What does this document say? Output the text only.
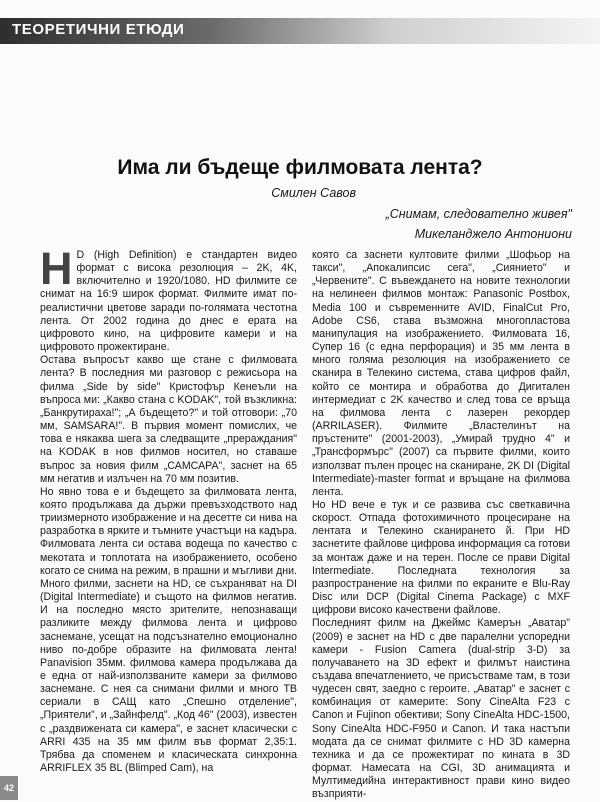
ТЕОРЕТИЧНИ ЕТЮДИ
Има ли бъдеще филмовата лента?
Смилен Савов
„Снимам, следователно живея"
Микеланджело Антониони
H D (High Definition) е стандартен видео формат с висока резолюция – 2K, 4K, включително и 1920/1080. HD филмите се снимат на 16:9 широк формат. Филмите имат по-реалистични цветове заради по-голямата честотна лента. От 2002 година до днес е ерата на цифровото кино, на цифровите камери и на цифровото прожектиране.

Остава въпросът какво ще стане с филмовата лента? В последния ми разговор с режисьора на филма „Side by side" Кристофър Кенеъли на въпроса ми: „Какво стана с KODAK", той възкликна: „Банкрутираха!"; „А бъдещето?" и той отговори: „70 мм, SAMSARA!". В първия момент помислих, че това е някаква шега за следващите „прераждания" на KODAK в нов филмов носител, но ставаше въпрос за новия филм „САМСАРА", заснет на 65 мм негатив и излъчен на 70 мм позитив.

Но явно това е и бъдещето за филмовата лента, която продължава да държи превъзходството над триизмерното изображение и на десетте си нива на разработка в ярките и тъмните участъци на кадъра. Филмовата лента си остава водеща по качество с мекотата и топлотата на изображението, особено когато се снима на режим, в прашни и мъгливи дни. Много филми, заснети на HD, се съхраняват на DI (Digital Intermediate) и същото на филмов негатив. И на последно място зрителите, непознаващи разликите между филмова лента и цифрово заснемане, усещат на подсъзнателно емоционално ниво по-добре образите на филмовата лента! Panavision 35мм. филмова камера продължава да е една от най-използваните камери за филмово заснемане. С нея са снимани филми и много ТВ сериали в САЩ като „Спешно отделение", „Приятели", и „Зайнфелд". „Код 46" (2003), известен с „раздвижената си камера", е заснет класически с ARRI 435 на 35 мм филм във формат 2,35:1. Трябва да споменем и класическата синхронна ARRIFLEX 35 BL (Blimped Cam), на

която са заснети култовите филми „Шофьор на такси", „Апокалипсис сега", „Сиянието" и „Червените". С въвеждането на новите технологии на нелинеен филмов монтаж: Panasonic Postbox, Media 100 и съвременните AVID, FinalCut Pro, Adobe CS6, става възможна многопластова манипулация на изображението. Филмовата 16, Супер 16 (с една перфорация) и 35 мм лента в много голяма резолюция на изображението се сканира в Телекино система, става цифров файл, който се монтира и обработва до Дигитален интермедиат с 2K качество и след това се връща на филмова лента с лазерен рекордер (ARRILASER). Филмите „Властелинът на пръстените" (2001-2003), „Умирай трудно 4" и „Трансформърс" (2007) са първите филми, които използват пълен процес на сканиране, 2K DI (Digital Intermediate)-master format и връщане на филмова лента.

Но HD вече е тук и се развива със светкавична скорост. Отпада фотохимичното процесиране на лентата и Телекино сканирането й. При HD заснетите файлове цифрова информация са готови за монтаж даже и на терен. После се прави Digital Intermediate. Последната технология за разпространение на филми по екраните е Blu-Ray Disc или DCP (Digital Cinema Package) с MXF цифрови високо качествени файлове.

Последният филм на Джеймс Камерън „Аватар" (2009) е заснет на HD с две паралелни успоредни камери - Fusion Camera (dual-strip 3-D) за получаването на 3D ефект и филмът наистина създава впечатлението, че присъстваме там, в този чудесен свят, заедно с героите. „Аватар" е заснет с комбинация от камерите: Sony CineAlta F23 с Canon и Fujinon обективи; Sony CineAlta HDC-1500, Sony CineAlta HDC-F950 и Canon. И така настъпи модата да се снимат филмите с HD 3D камерна техника и да се прожектират по кината в 3D формат. Намесата на CGI, 3D анимацията и Мултимедийна интерактивност прави кино видео възприяти-

42
